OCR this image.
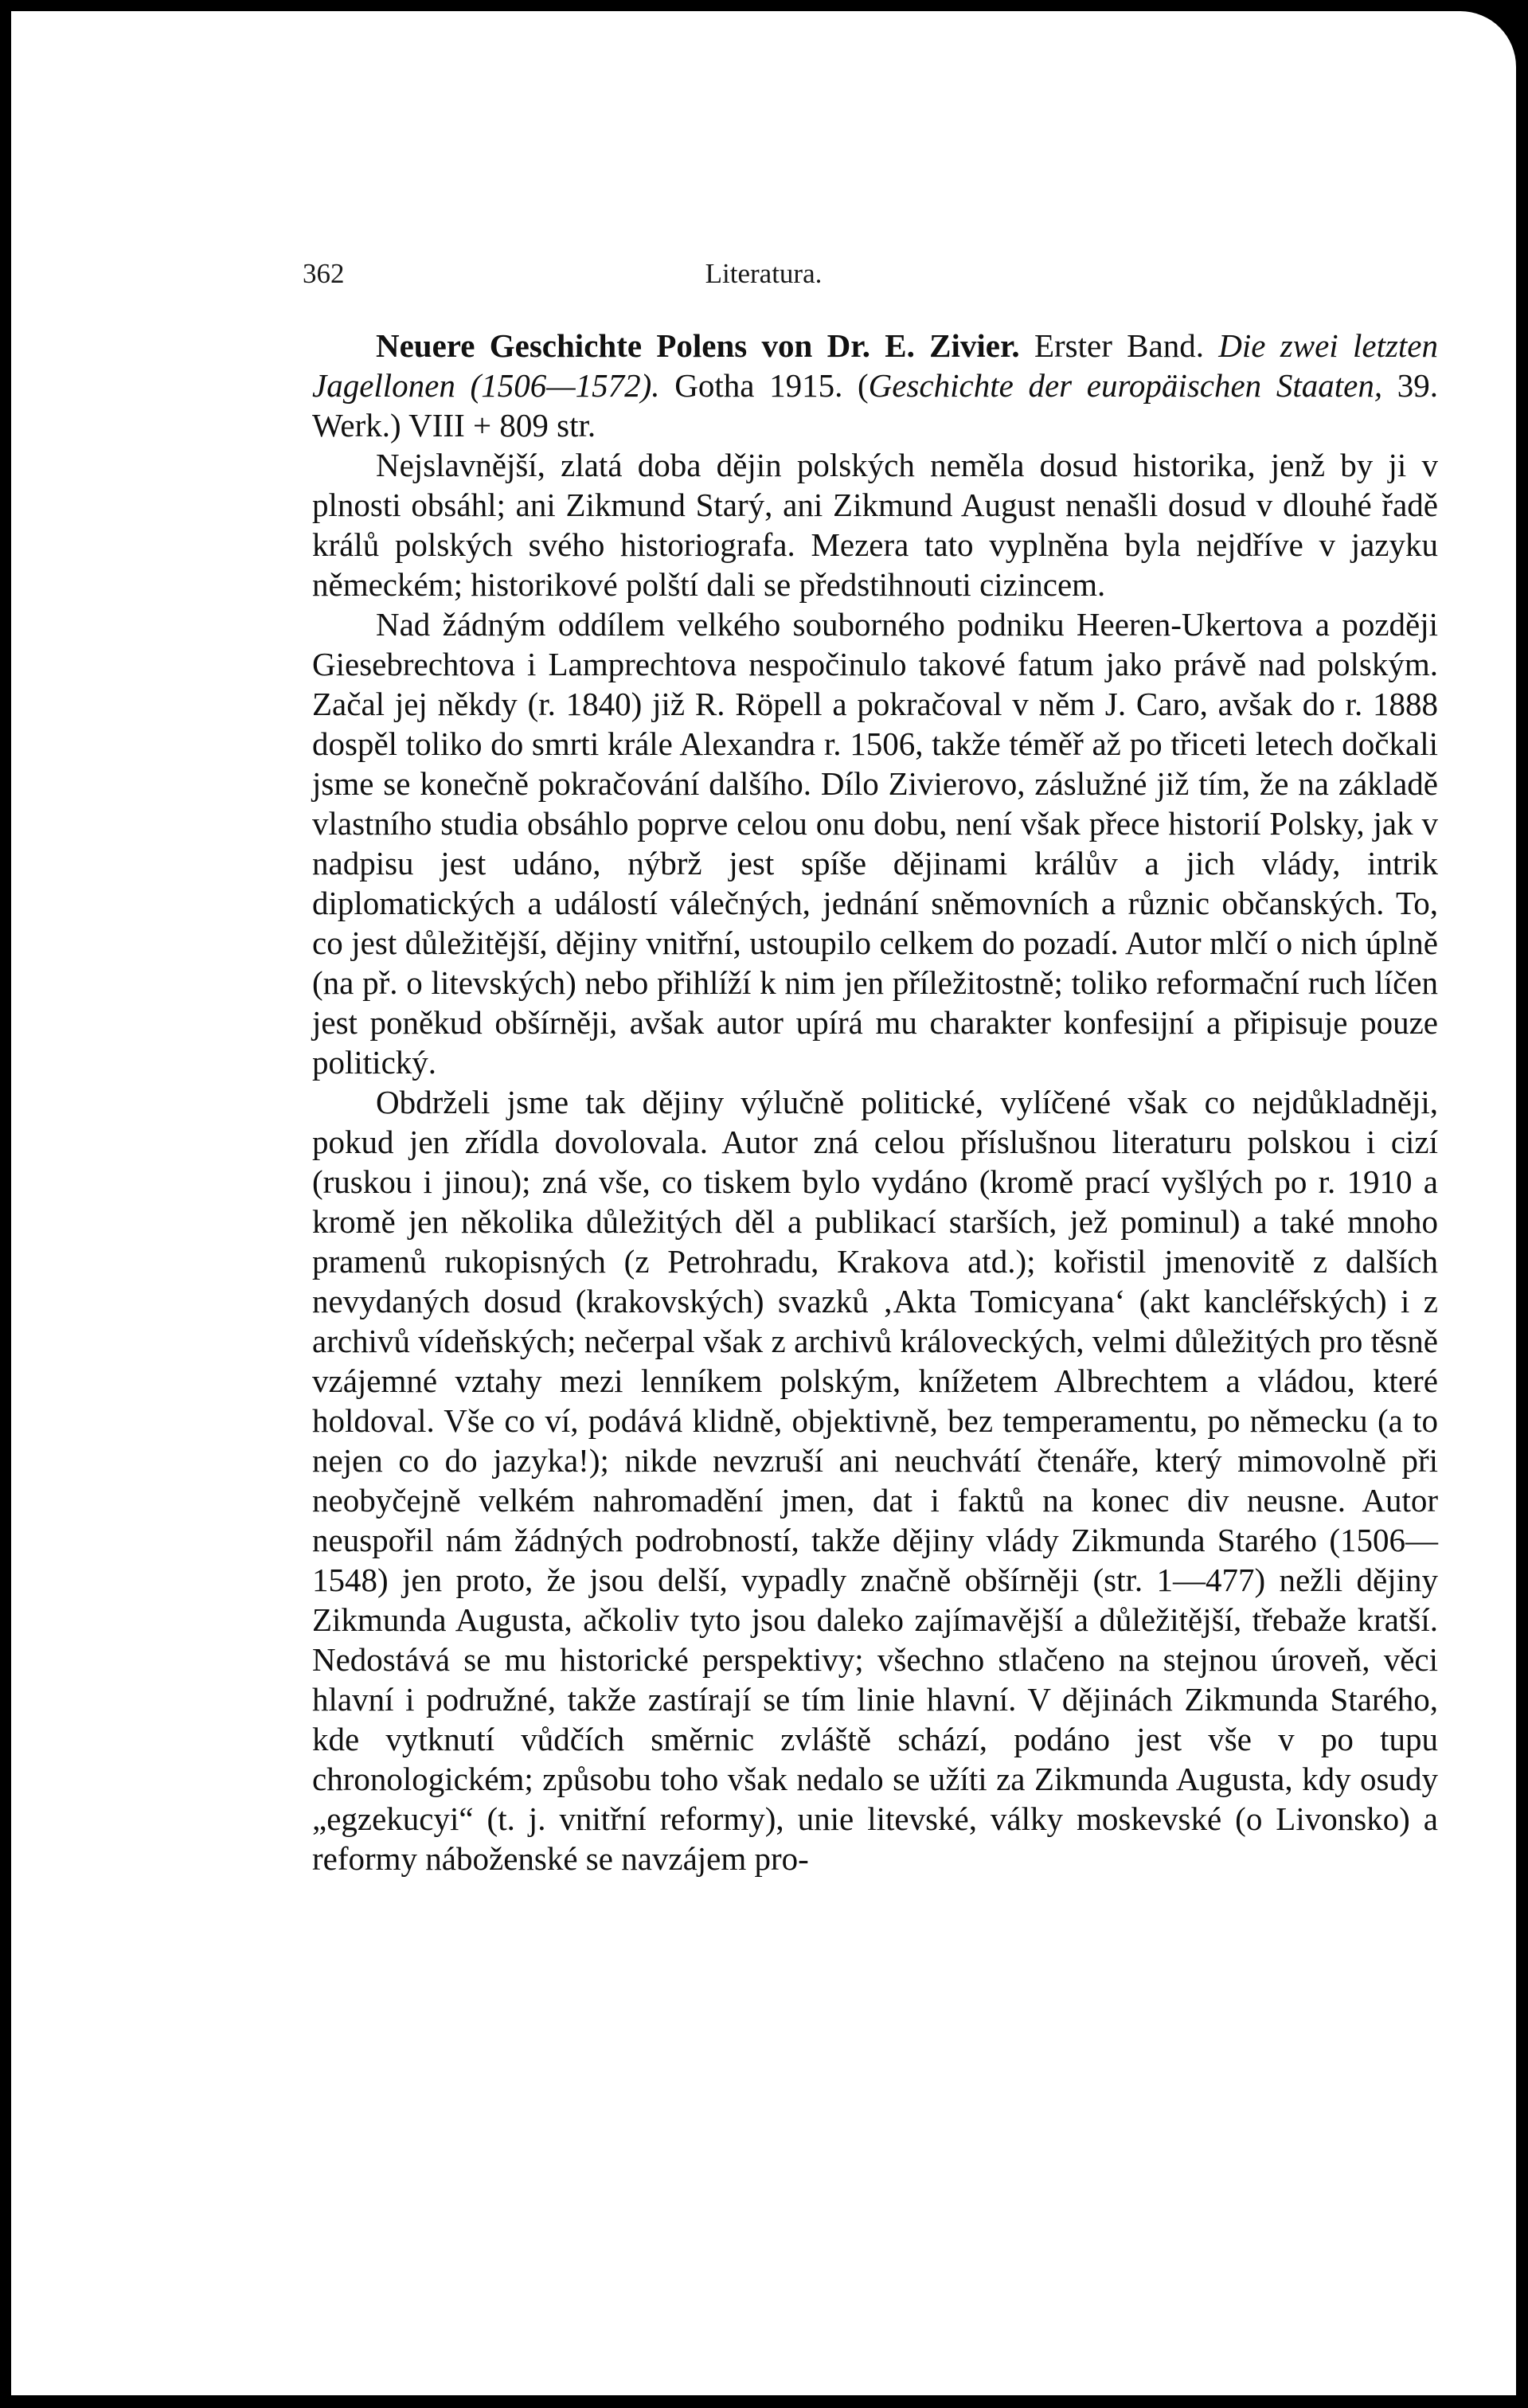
362	Literatura.

Neuere Geschichte Polens von Dr. E. Zivier. Erster Band. Die zwei letzten Jagellonen (1506—1572). Gotha 1915. (Geschichte der europäischen Staaten, 39. Werk.) VIII + 809 str.

Nejslavnější, zlatá doba dějin polských neměla dosud historika, jenž by ji v plnosti obsáhl; ani Zikmund Starý, ani Zikmund August nenašli dosud v dlouhé řadě králů polských svého historiografa. Mezera tato vyplněna byla nejdříve v jazyku německém; historikové polští dali se předstihnouti cizincem.

Nad žádným oddílem velkého souborného podniku Heeren-Ukertova a později Giesebrechtova i Lamprechtova nespočinulo takové fatum jako právě nad polským. Začal jej někdy (r. 1840) již R. Röpell a pokračoval v něm J. Caro, avšak do r. 1888 dospěl toliko do smrti krále Alexandra r. 1506, takže téměř až po třiceti letech dočkali jsme se konečně pokračování dalšího. Dílo Zivierovo, záslužné již tím, že na základě vlastního studia obsáhlo poprve celou onu dobu, není však přece historií Polsky, jak v nadpisu jest udáno, nýbrž jest spíše dějinami králův a jich vlády, intrik diplomatických a událostí válečných, jednání sněmovních a různic občanských. To, co jest důležitější, dějiny vnitřní, ustoupilo celkem do pozadí. Autor mlčí o nich úplně (na př. o litevských) nebo přihlíží k nim jen příležitostně; toliko reformační ruch líčen jest poněkud obšírněji, avšak autor upírá mu charakter konfesijní a připisuje pouze politický.

Obdrželi jsme tak dějiny výlučně politické, vylíčené však co nejdůkladněji, pokud jen zřídla dovolovala. Autor zná celou příslušnou literaturu polskou i cizí (ruskou i jinou); zná vše, co tiskem bylo vydáno (kromě prací vyšlých po r. 1910 a kromě jen několika důležitých děl a publikací starších, jež pominul) a také mnoho pramenů rukopisných (z Petrohradu, Krakova atd.); kořistil jmenovitě z dalších nevydaných dosud (krakovských) svazků ‚Akta Tomicyana‘ (akt kancléřských) i z archivů vídeňských; nečerpal však z archivů královeckých, velmi důležitých pro těsně vzájemné vztahy mezi lenníkem polským, knížetem Albrechtem a vládou, které holdoval. Vše co ví, podává klidně, objektivně, bez temperamentu, po německu (a to nejen co do jazyka!); nikde nevzruší ani neuchvátí čtenáře, který mimovolně při neobyčejně velkém nahromadění jmen, dat i faktů na konec div neusne. Autor neuspořil nám žádných podrobností, takže dějiny vlády Zikmunda Starého (1506—1548) jen proto, že jsou delší, vypadly značně obšírněji (str. 1—477) nežli dějiny Zikmunda Augusta, ačkoliv tyto jsou daleko zajímavější a důležitější, třebaže kratší. Nedostává se mu historické perspektivy; všechno stlačeno na stejnou úroveň, věci hlavní i podružné, takže zastírají se tím linie hlavní. V dějinách Zikmunda Starého, kde vytknutí vůdčích směrnic zvláště schází, podáno jest vše v po tupu chronologickém; způsobu toho však nedalo se užíti za Zikmunda Augusta, kdy osudy „egzekucyi“ (t. j. vnitřní reformy), unie litevské, války moskevské (o Livonsko) a reformy náboženské se navzájem pro-
